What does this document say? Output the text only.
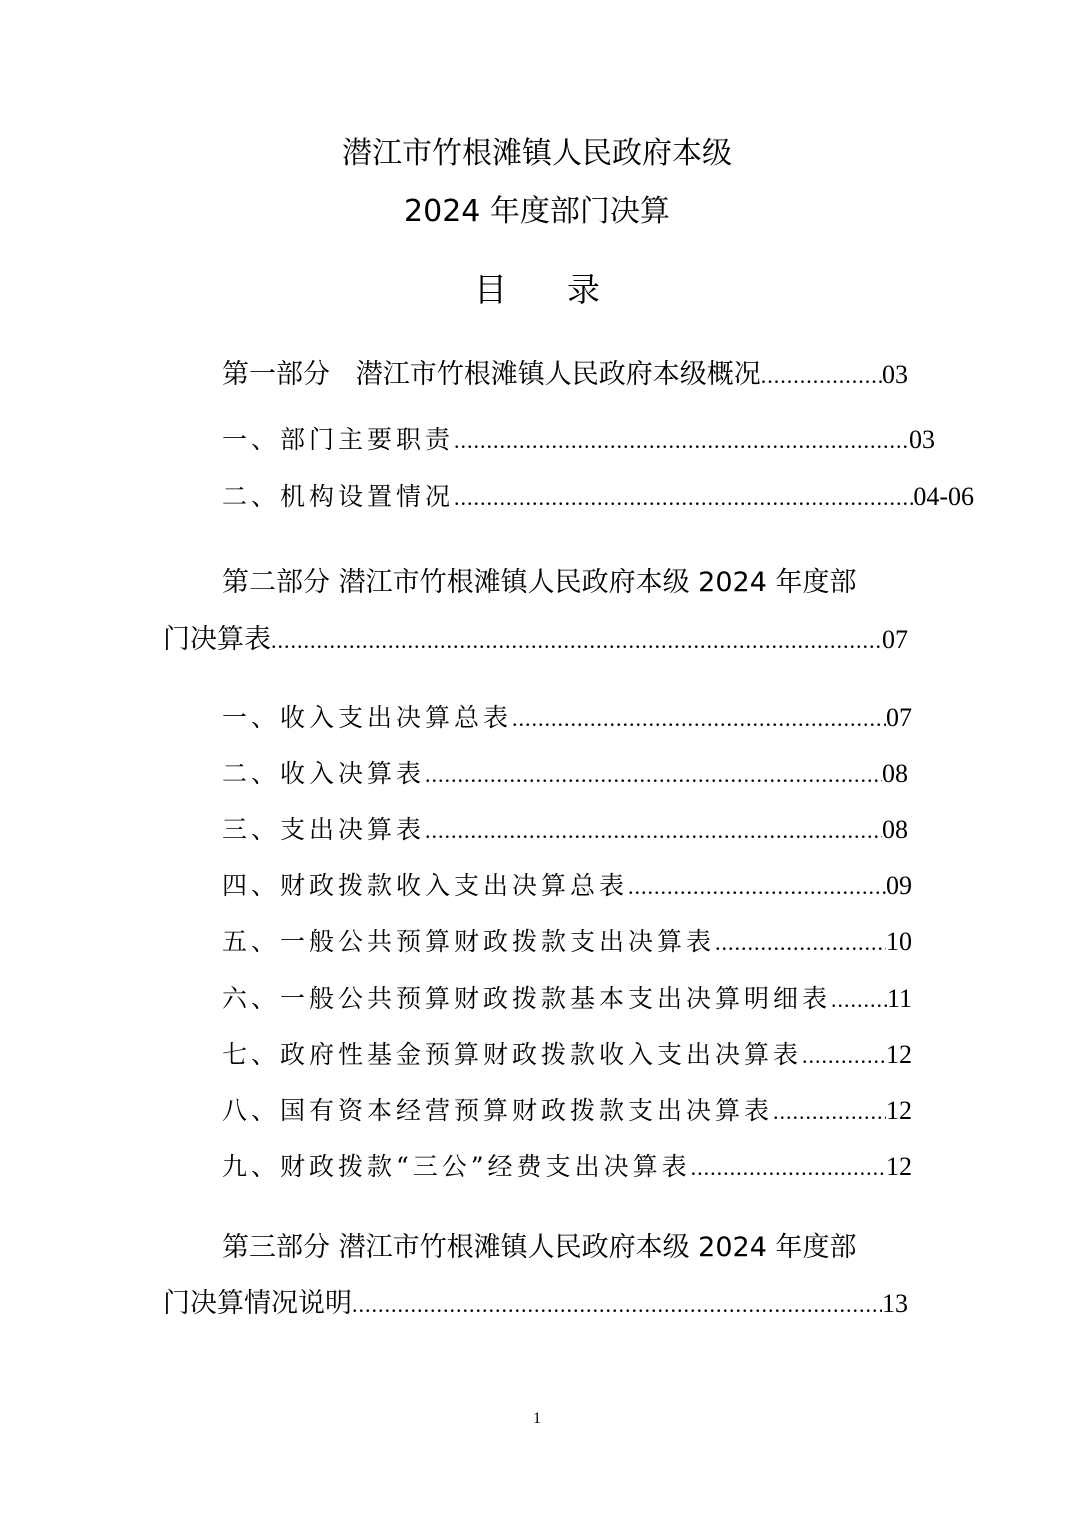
潜江市竹根滩镇人民政府本级
2024 年度部门决算
目录
第一部分   潜江市竹根滩镇人民政府本级概况 .....	03
一、部门主要职责 .....	03
二、机构设置情况 .....	04-06
第二部分 潜江市竹根滩镇人民政府本级 2024 年度部
门决算表 .....	07
一、收入支出决算总表 .....	07
二、收入决算表 .....	08
三、支出决算表 .....	08
四、财政拨款收入支出决算总表 .....	09
五、一般公共预算财政拨款支出决算表 .....	10
六、一般公共预算财政拨款基本支出决算明细表 ..... 11
七、政府性基金预算财政拨款收入支出决算表 .....	12
八、国有资本经营预算财政拨款支出决算表 .....	12
九、财政拨款“三公”经费支出决算表 .....	12
第三部分 潜江市竹根滩镇人民政府本级 2024 年度部
门决算情况说明 .....	13
1
